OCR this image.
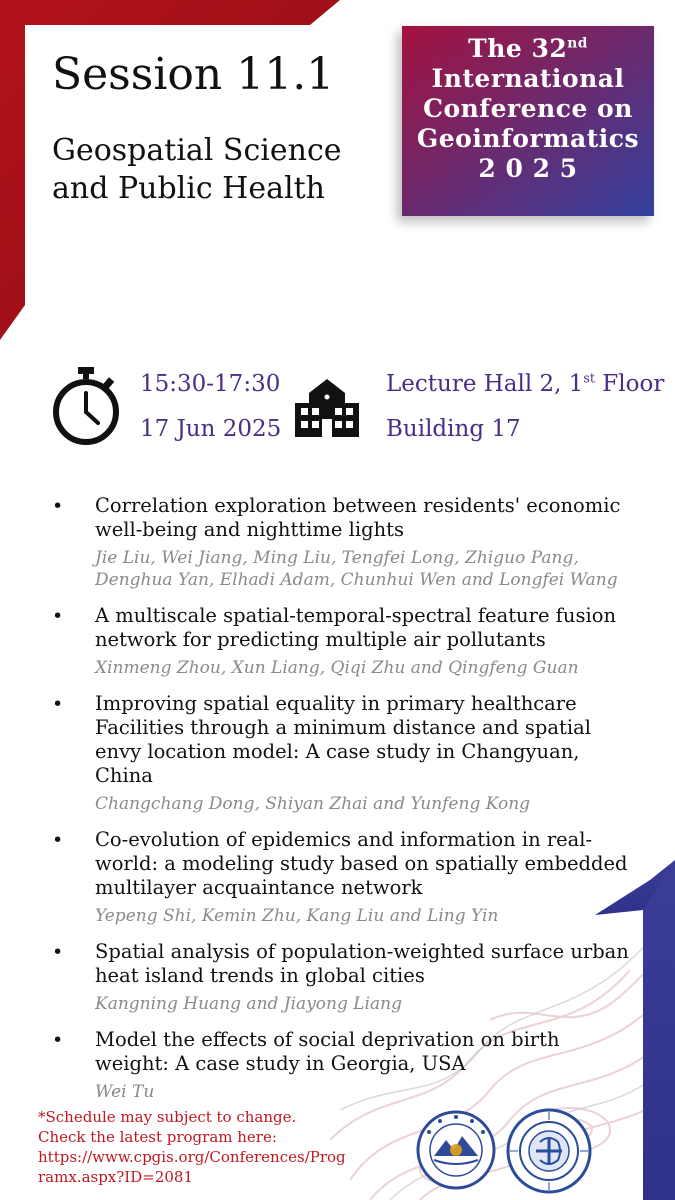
Session 11.1
Geospatial Science and Public Health
The 32nd
International
Conference on
Geoinformatics
2 0 2 5
15:30-17:30
17 Jun 2025
Lecture Hall 2, 1st Floor
Building 17
• Correlation exploration between residents' economic well-being and nighttime lights
Jie Liu, Wei Jiang, Ming Liu, Tengfei Long, Zhiguo Pang, Denghua Yan, Elhadi Adam, Chunhui Wen and Longfei Wang
• A multiscale spatial-temporal-spectral feature fusion network for predicting multiple air pollutants
Xinmeng Zhou, Xun Liang, Qiqi Zhu and Qingfeng Guan
• Improving spatial equality in primary healthcare Facilities through a minimum distance and spatial envy location model: A case study in Changyuan, China
Changchang Dong, Shiyan Zhai and Yunfeng Kong
• Co-evolution of epidemics and information in real-world: a modeling study based on spatially embedded multilayer acquaintance network
Yepeng Shi, Kemin Zhu, Kang Liu and Ling Yin
• Spatial analysis of population-weighted surface urban heat island trends in global cities
Kangning Huang and Jiayong Liang
• Model the effects of social deprivation on birth weight: A case study in Georgia, USA
Wei Tu
*Schedule may subject to change.
Check the latest program here:
https://www.cpgis.org/Conferences/Prog
ramx.aspx?ID=2081
